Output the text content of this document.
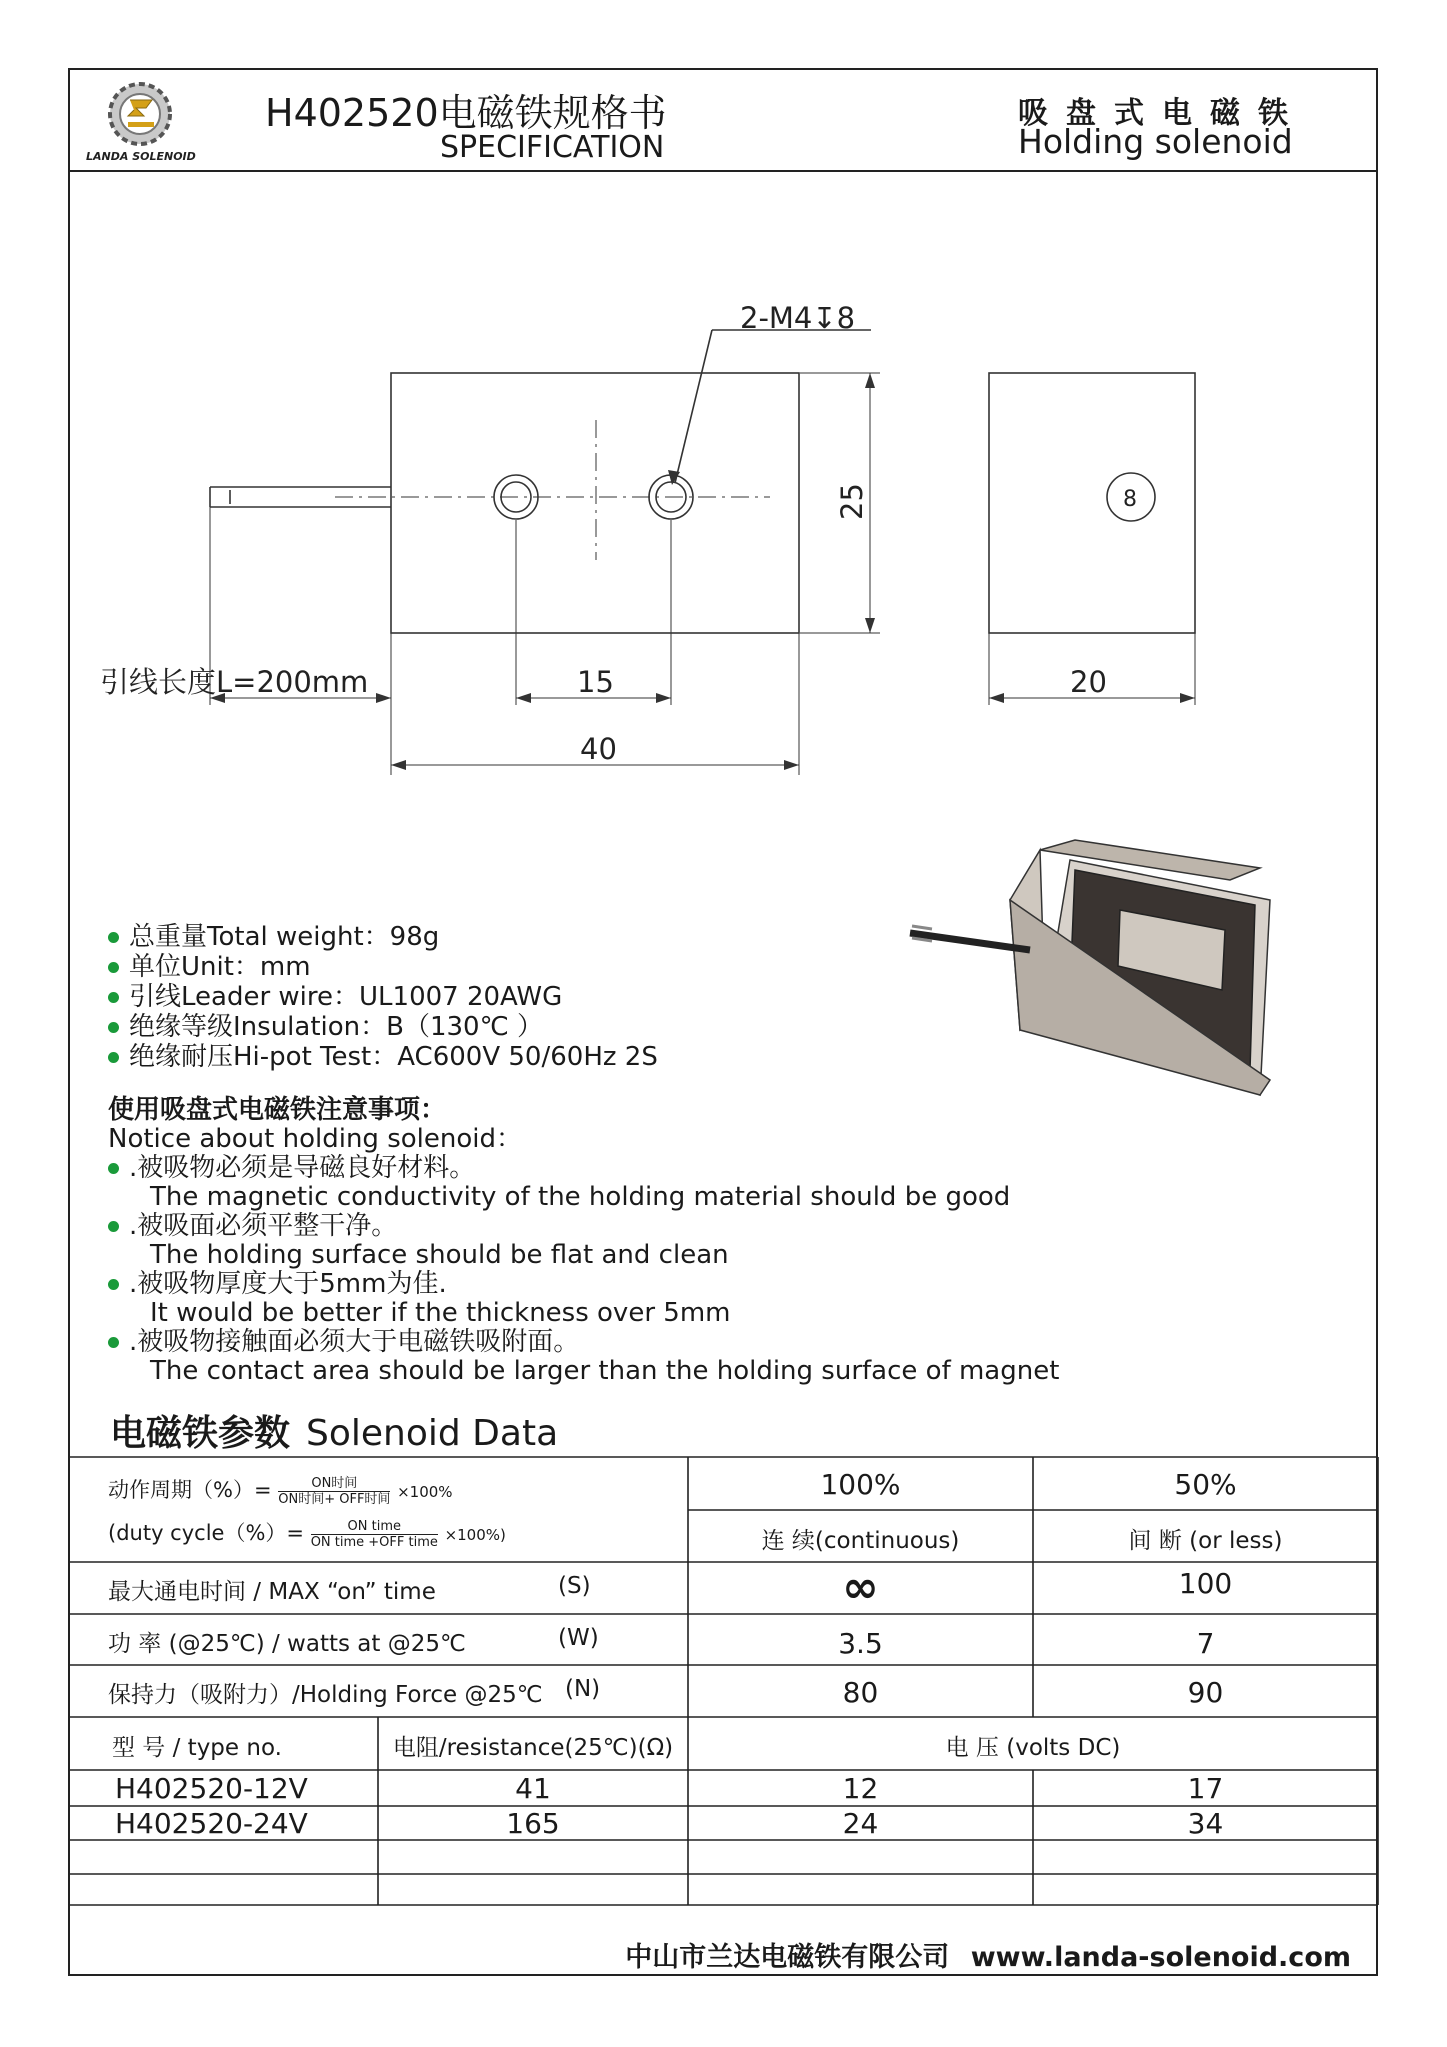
LANDA SOLENOID
H402520电磁铁规格书
SPECIFICATION
吸盘式电磁铁
Holding solenoid
2-M4↧8
25
15
40
20
引线长度L=200mm
8
总重量Total weight：98g
单位Unit：mm
引线Leader wire：UL1007 20AWG
绝缘等级Insulation：B（130℃ ）
绝缘耐压Hi-pot Test：AC600V 50/60Hz 2S
使用吸盘式电磁铁注意事项：
Notice about holding solenoid：
.被吸物必须是导磁良好材料。
The magnetic conductivity of the holding material should be good
.被吸面必须平整干净。
The holding surface should be flat and clean
.被吸物厚度大于5mm为佳.
It would be better if the thickness over 5mm
.被吸物接触面必须大于电磁铁吸附面。
The contact area should be larger than the holding surface of magnet
电磁铁参数 Solenoid Data
动作周期（%）=	ON时间
ON时间+ OFF时间 ×100%
(duty cycle（%）=	ON time
ON time +OFF time ×100%)
100%	50%
连 续(continuous)	间 断 (or less)
最大通电时间 / MAX “on” time	(S)	∞	100
功 率 (@25℃) / watts at @25℃	(W)	3.5	7
保持力（吸附力）/Holding Force @25℃ (N)	80	90
型 号 / type no.	电阻/resistance(25℃)(Ω)	电 压 (volts DC)
H402520-12V	41	12	17
H402520-24V	165	24	34
中山市兰达电磁铁有限公司 www.landa-solenoid.com
